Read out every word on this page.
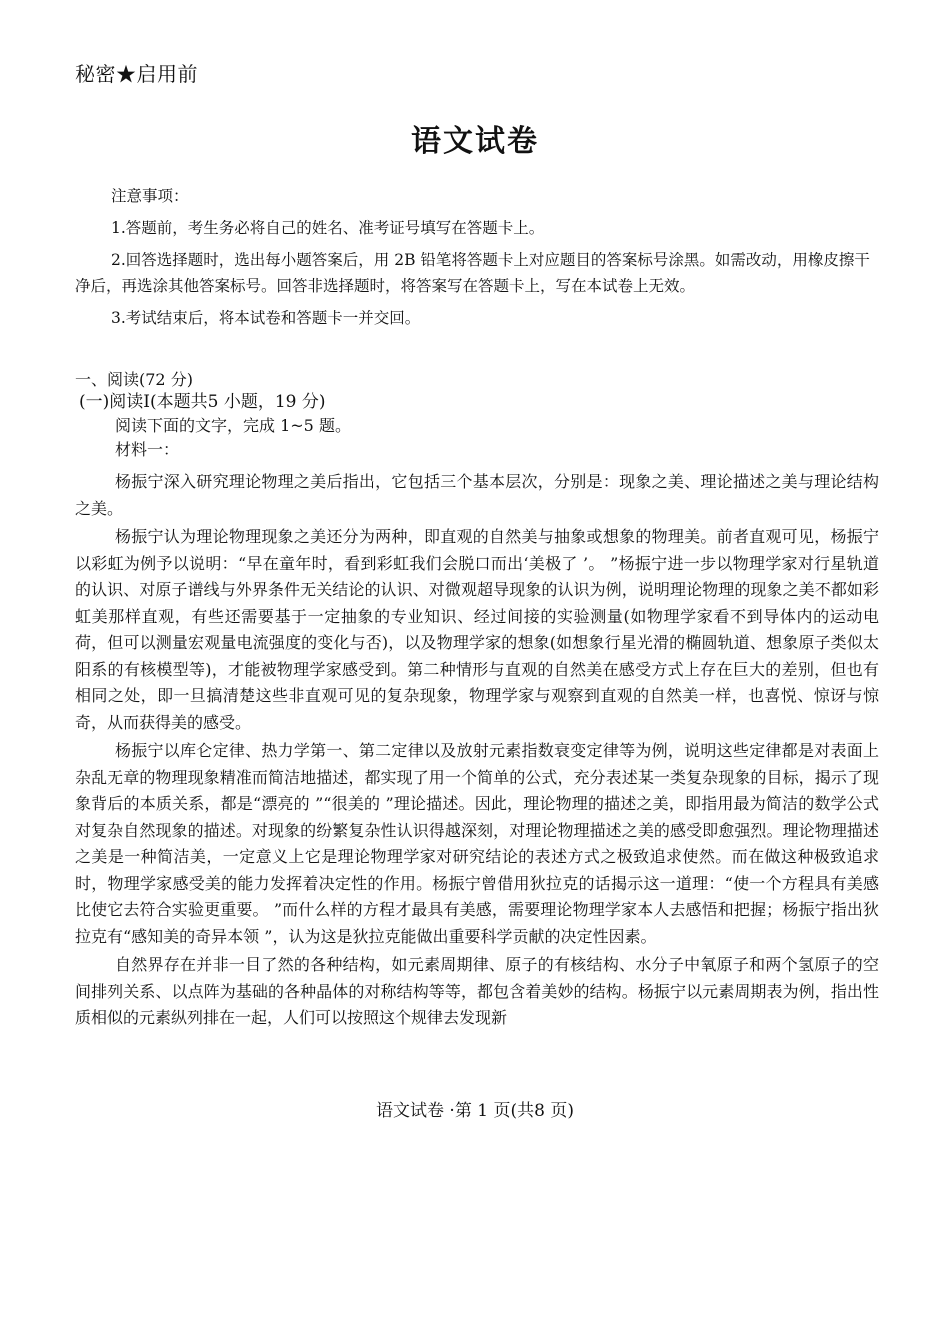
秘密★启用前
语文试卷

注意事项：

1.答题前，考生务必将自己的姓名、准考证号填写在答题卡上。

2.回答选择题时，选出每小题答案后，用 2B 铅笔将答题卡上对应题目的答案标号涂黑。如需改动，用橡皮擦干净后，再选涂其他答案标号。回答非选择题时，将答案写在答题卡上，写在本试卷上无效。

3.考试结束后，将本试卷和答题卡一并交回。

一、阅读(72 分)
(一)阅读Ⅰ(本题共5 小题，19 分)
阅读下面的文字，完成 1~5 题。
材料一：

杨振宁深入研究理论物理之美后指出，它包括三个基本层次，分别是：现象之美、理论描述之美与理论结构之美。

杨振宁认为理论物理现象之美还分为两种，即直观的自然美与抽象或想象的物理美。前者直观可见，杨振宁以彩虹为例予以说明：“早在童年时，看到彩虹我们会脱口而出‘美极了 ’。 ”杨振宁进一步以物理学家对行星轨道的认识、对原子谱线与外界条件无关结论的认识、对微观超导现象的认识为例，说明理论物理的现象之美不都如彩虹美那样直观，有些还需要基于一定抽象的专业知识、经过间接的实验测量(如物理学家看不到导体内的运动电荷，但可以测量宏观量电流强度的变化与否)，以及物理学家的想象(如想象行星光滑的椭圆轨道、想象原子类似太阳系的有核模型等)，才能被物理学家感受到。第二种情形与直观的自然美在感受方式上存在巨大的差别，但也有相同之处，即一旦搞清楚这些非直观可见的复杂现象，物理学家与观察到直观的自然美一样，也喜悦、惊讶与惊奇，从而获得美的感受。

杨振宁以库仑定律、热力学第一、第二定律以及放射元素指数衰变定律等为例，说明这些定律都是对表面上杂乱无章的物理现象精准而简洁地描述，都实现了用一个简单的公式，充分表述某一类复杂现象的目标，揭示了现象背后的本质关系，都是“漂亮的 ”“很美的 ”理论描述。因此，理论物理的描述之美，即指用最为简洁的数学公式对复杂自然现象的描述。对现象的纷繁复杂性认识得越深刻，对理论物理描述之美的感受即愈强烈。理论物理描述之美是一种简洁美，一定意义上它是理论物理学家对研究结论的表述方式之极致追求使然。而在做这种极致追求时，物理学家感受美的能力发挥着决定性的作用。杨振宁曾借用狄拉克的话揭示这一道理：“使一个方程具有美感比使它去符合实验更重要。 ”而什么样的方程才最具有美感，需要理论物理学家本人去感悟和把握；杨振宁指出狄拉克有“感知美的奇异本领 ”，认为这是狄拉克能做出重要科学贡献的决定性因素。

自然界存在并非一目了然的各种结构，如元素周期律、原子的有核结构、水分子中氧原子和两个氢原子的空间排列关系、以点阵为基础的各种晶体的对称结构等等，都包含着美妙的结构。杨振宁以元素周期表为例，指出性质相似的元素纵列排在一起，人们可以按照这个规律去发现新

语文试卷 ·第 1 页(共8 页)
